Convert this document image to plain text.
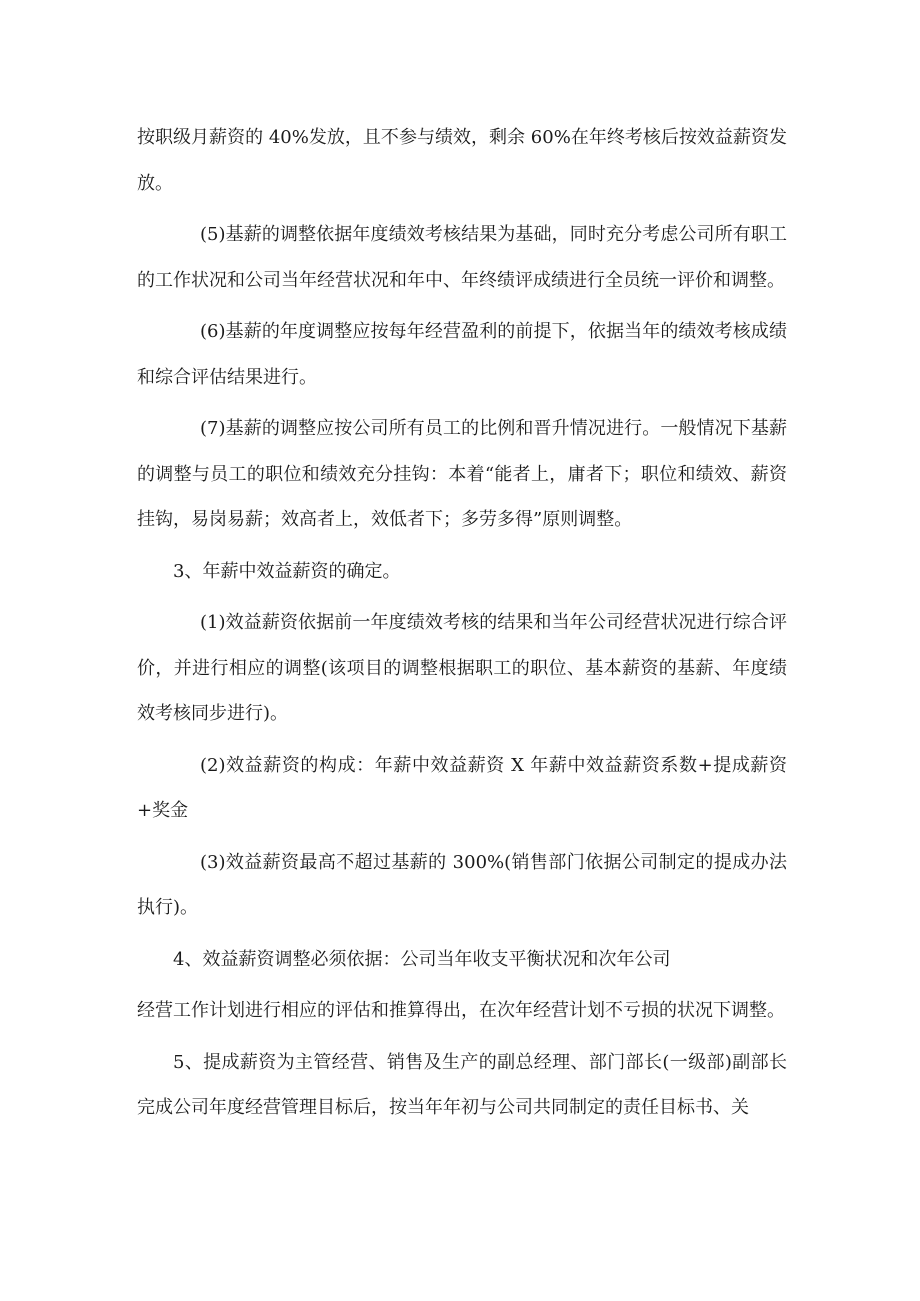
按职级月薪资的 40%发放，且不参与绩效，剩余 60%在年终考核后按效益薪资发放。

(5)基薪的调整依据年度绩效考核结果为基础，同时充分考虑公司所有职工的工作状况和公司当年经营状况和年中、年终绩评成绩进行全员统一评价和调整。

(6)基薪的年度调整应按每年经营盈利的前提下，依据当年的绩效考核成绩和综合评估结果进行。

(7)基薪的调整应按公司所有员工的比例和晋升情况进行。一般情况下基薪的调整与员工的职位和绩效充分挂钩：本着“能者上，庸者下；职位和绩效、薪资挂钩，易岗易薪；效高者上，效低者下；多劳多得”原则调整。

3、年薪中效益薪资的确定。

(1)效益薪资依据前一年度绩效考核的结果和当年公司经营状况进行综合评价，并进行相应的调整(该项目的调整根据职工的职位、基本薪资的基薪、年度绩效考核同步进行)。

(2)效益薪资的构成：年薪中效益薪资 X 年薪中效益薪资系数+提成薪资+奖金

(3)效益薪资最高不超过基薪的 300%(销售部门依据公司制定的提成办法执行)。

4、效益薪资调整必须依据：公司当年收支平衡状况和次年公司

经营工作计划进行相应的评估和推算得出，在次年经营计划不亏损的状况下调整。

5、提成薪资为主管经营、销售及生产的副总经理、部门部长(一级部)副部长完成公司年度经营管理目标后，按当年年初与公司共同制定的责任目标书、关
